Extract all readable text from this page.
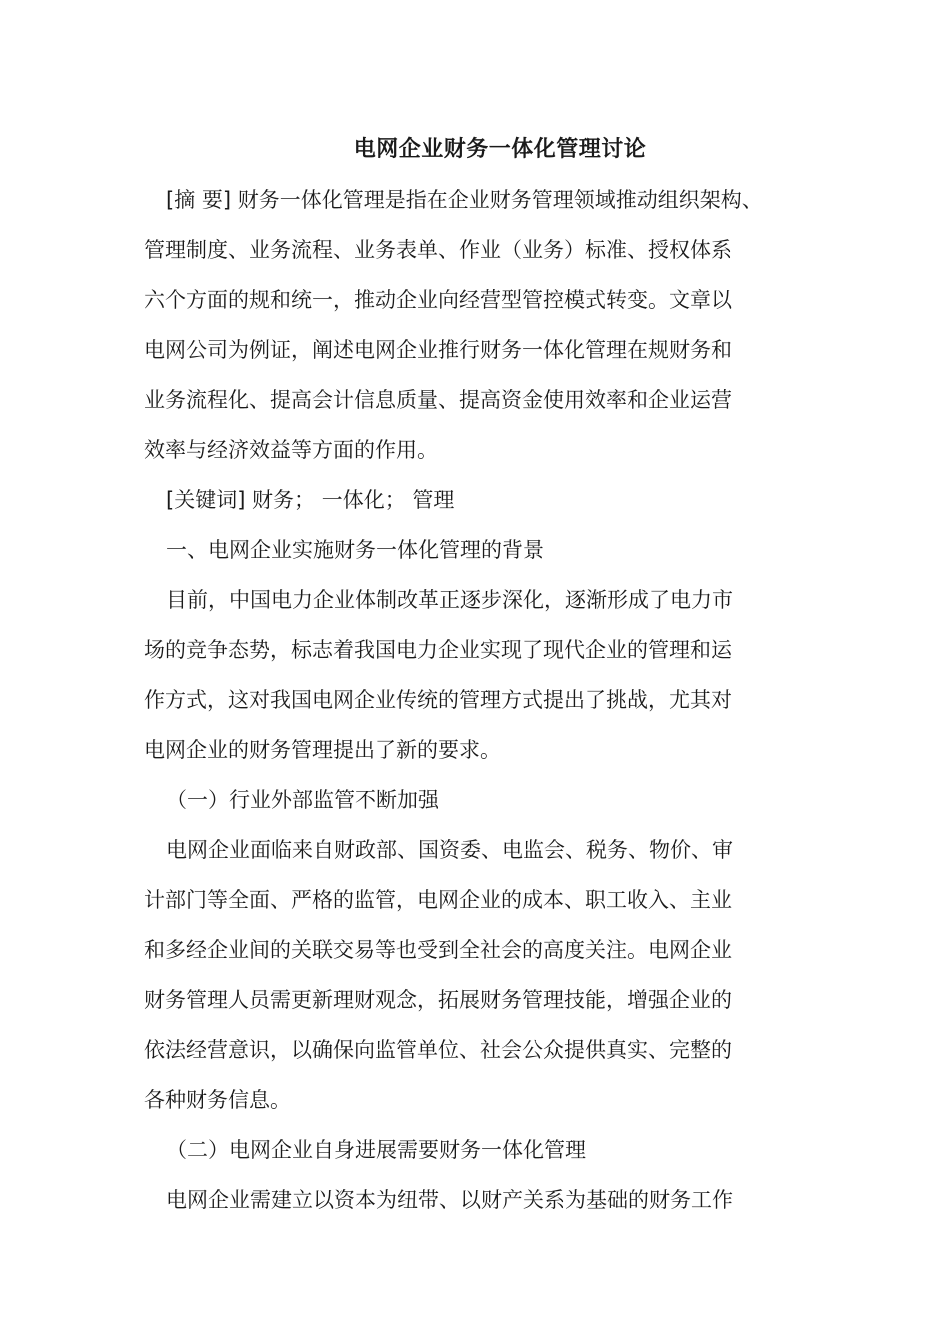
电网企业财务一体化管理讨论
[摘 要] 财务一体化管理是指在企业财务管理领域推动组织架构、
管理制度、业务流程、业务表单、作业（业务）标准、授权体系
六个方面的规和统一，推动企业向经营型管控模式转变。文章以
电网公司为例证，阐述电网企业推行财务一体化管理在规财务和
业务流程化、提高会计信息质量、提高资金使用效率和企业运营
效率与经济效益等方面的作用。
[关键词] 财务； 一体化； 管理
一、电网企业实施财务一体化管理的背景
目前，中国电力企业体制改革正逐步深化，逐渐形成了电力市
场的竞争态势，标志着我国电力企业实现了现代企业的管理和运
作方式，这对我国电网企业传统的管理方式提出了挑战，尤其对
电网企业的财务管理提出了新的要求。
（一）行业外部监管不断加强
电网企业面临来自财政部、国资委、电监会、税务、物价、审
计部门等全面、严格的监管，电网企业的成本、职工收入、主业
和多经企业间的关联交易等也受到全社会的高度关注。电网企业
财务管理人员需更新理财观念，拓展财务管理技能，增强企业的
依法经营意识，以确保向监管单位、社会公众提供真实、完整的
各种财务信息。
（二）电网企业自身进展需要财务一体化管理
电网企业需建立以资本为纽带、以财产关系为基础的财务工作
